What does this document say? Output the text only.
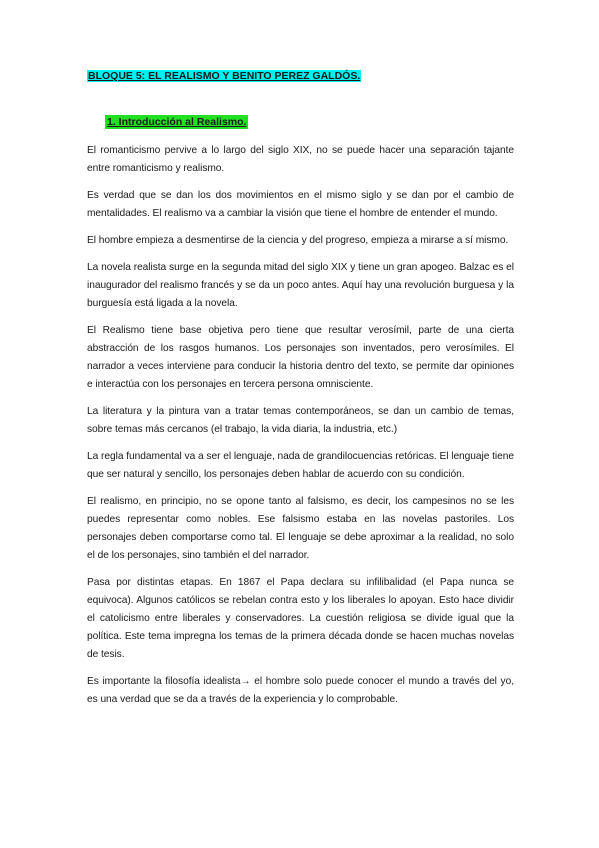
BLOQUE 5: EL REALISMO Y BENITO PEREZ GALDÓS.

1. Introducción al Realismo.

El romanticismo pervive a lo largo del siglo XIX, no se puede hacer una separación tajante entre romanticismo y realismo.

Es verdad que se dan los dos movimientos en el mismo siglo y se dan por el cambio de mentalidades. El realismo va a cambiar la visión que tiene el hombre de entender el mundo.

El hombre empieza a desmentirse de la ciencia y del progreso, empieza a mirarse a sí mismo.

La novela realista surge en la segunda mitad del siglo XIX y tiene un gran apogeo. Balzac es el inaugurador del realismo francés y se da un poco antes. Aquí hay una revolución burguesa y la burguesía está ligada a la novela.

El Realismo tiene base objetiva pero tiene que resultar verosímil, parte de una cierta abstracción de los rasgos humanos. Los personajes son inventados, pero verosímiles. El narrador a veces interviene para conducir la historia dentro del texto, se permite dar opiniones e interactúa con los personajes en tercera persona omnisciente.

La literatura y la pintura van a tratar temas contemporáneos, se dan un cambio de temas, sobre temas más cercanos (el trabajo, la vida diaria, la industria, etc.)

La regla fundamental va a ser el lenguaje, nada de grandilocuencias retóricas. El lenguaje tiene que ser natural y sencillo, los personajes deben hablar de acuerdo con su condición.

El realismo, en principio, no se opone tanto al falsismo, es decir, los campesinos no se les puedes representar como nobles. Ese falsismo estaba en las novelas pastoriles. Los personajes deben comportarse como tal. El lenguaje se debe aproximar a la realidad, no solo el de los personajes, sino también el del narrador.

Pasa por distintas etapas. En 1867 el Papa declara su infilibalidad (el Papa nunca se equivoca). Algunos católicos se rebelan contra esto y los liberales lo apoyan. Esto hace dividir el catolicismo entre liberales y conservadores. La cuestión religiosa se divide igual que la política. Este tema impregna los temas de la primera década donde se hacen muchas novelas de tesis.

Es importante la filosofía idealista→ el hombre solo puede conocer el mundo a través del yo, es una verdad que se da a través de la experiencia y lo comprobable.
